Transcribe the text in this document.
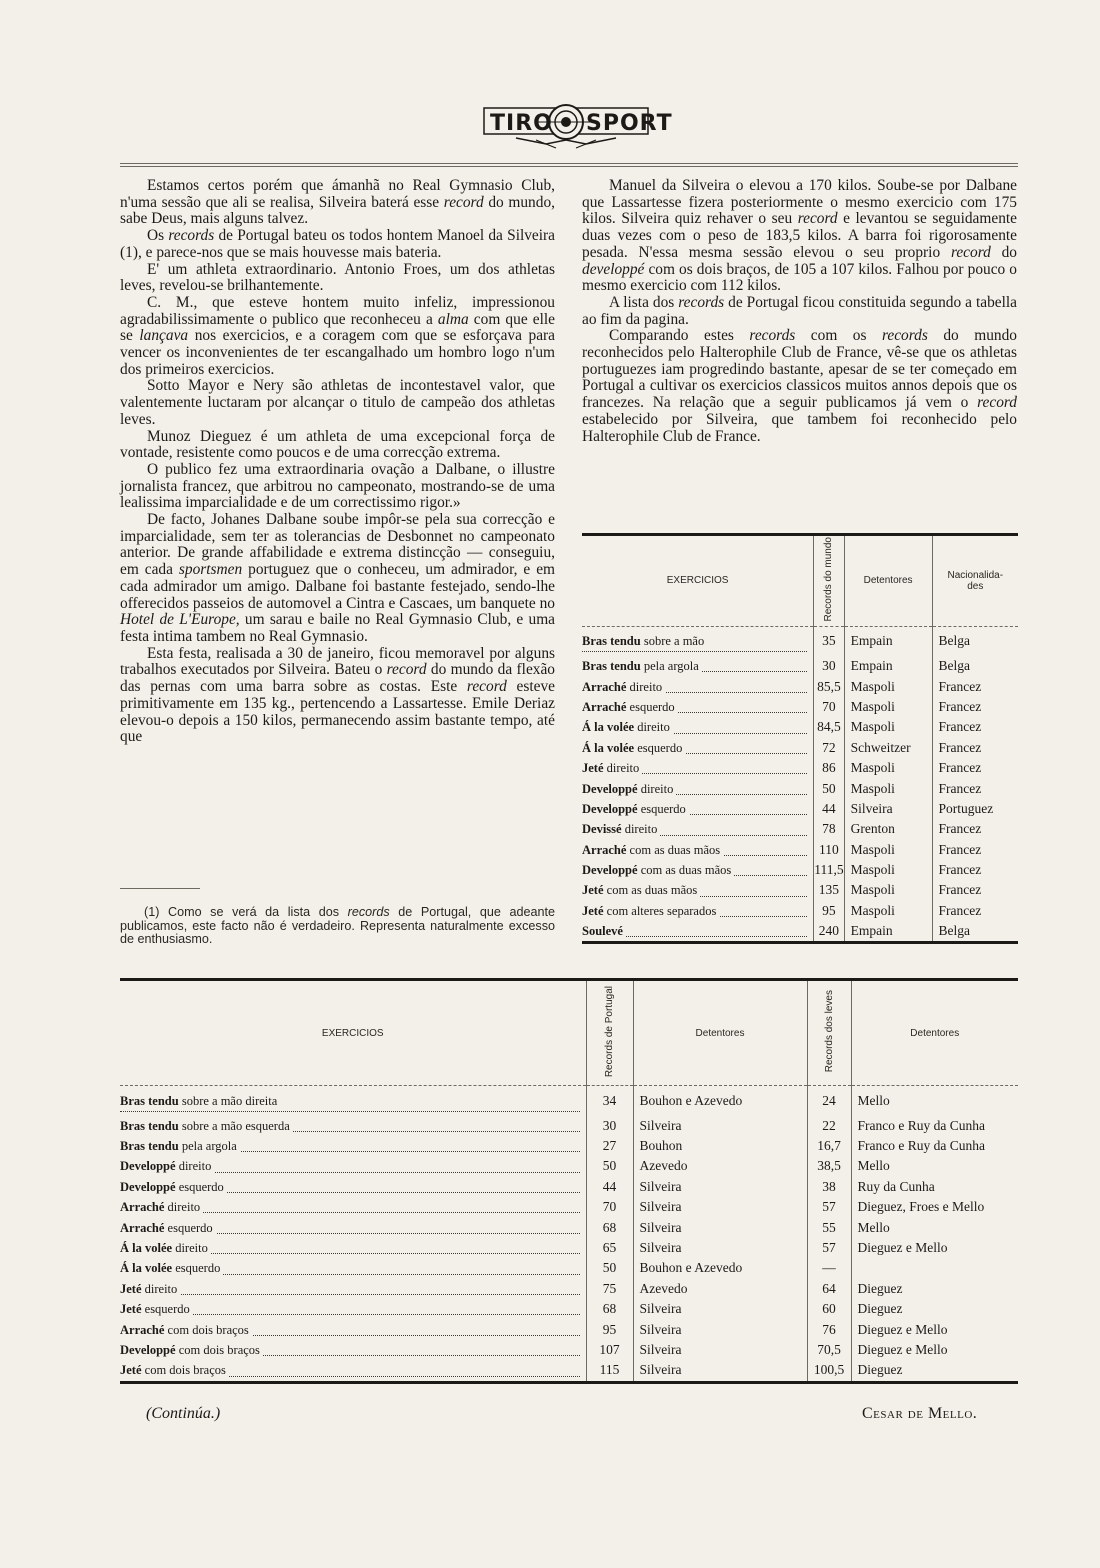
TIRO SPORT

Estamos certos porém que ámanhã no Real Gymnasio Club, n'uma sessão que ali se realisa, Silveira baterá esse record do mundo, sabe Deus, mais alguns talvez.

Os records de Portugal bateu os todos hontem Manoel da Silveira (1), e parece-nos que se mais houvesse mais bateria.

E' um athleta extraordinario. Antonio Froes, um dos athletas leves, revelou-se brilhantemente.

C. M., que esteve hontem muito infeliz, impressionou agradabilissimamente o publico que reconheceu a alma com que elle se lançava nos exercicios, e a coragem com que se esforçava para vencer os inconvenientes de ter escangalhado um hombro logo n'um dos primeiros exercicios.

Sotto Mayor e Nery são athletas de incontestavel valor, que valentemente luctaram por alcançar o titulo de campeão dos athletas leves.

Munoz Dieguez é um athleta de uma excepcional força de vontade, resistente como poucos e de uma correcção extrema.

O publico fez uma extraordinaria ovação a Dalbane, o illustre jornalista francez, que arbitrou no campeonato, mostrando-se de uma lealissima imparcialidade e de um correctissimo rigor.»

De facto, Johanes Dalbane soube impôr-se pela sua correcção e imparcialidade, sem ter as tolerancias de Desbonnet no campeonato anterior. De grande affabilidade e extrema distincção — conseguiu, em cada sportsmen portuguez que o conheceu, um admirador, e em cada admirador um amigo. Dalbane foi bastante festejado, sendo-lhe offerecidos passeios de automovel a Cintra e Cascaes, um banquete no Hotel de L'Europe, um sarau e baile no Real Gymnasio Club, e uma festa intima tambem no Real Gymnasio.

Esta festa, realisada a 30 de janeiro, ficou memoravel por alguns trabalhos executados por Silveira. Bateu o record do mundo da flexão das pernas com uma barra sobre as costas. Este record esteve primitivamente em 135 kg., pertencendo a Lassartesse. Emile Deriaz elevou-o depois a 150 kilos, permanecendo assim bastante tempo, até que

Manuel da Silveira o elevou a 170 kilos. Soube-se por Dalbane que Lassartesse fizera posteriormente o mesmo exercicio com 175 kilos. Silveira quiz rehaver o seu record e levantou se seguidamente duas vezes com o peso de 183,5 kilos. A barra foi rigorosamente pesada. N'essa mesma sessão elevou o seu proprio record do developpé com os dois braços, de 105 a 107 kilos. Falhou por pouco o mesmo exercicio com 112 kilos.

A lista dos records de Portugal ficou constituida segundo a tabella ao fim da pagina.

Comparando estes records com os records do mundo reconhecidos pelo Halterophile Club de France, vê-se que os athletas portuguezes iam progredindo bastante, apesar de se ter começado em Portugal a cultivar os exercicios classicos muitos annos depois que os francezes. Na relação que a seguir publicamos já vem o record estabelecido por Silveira, que tambem foi reconhecido pelo Halterophile Club de France.

(1) Como se verá da lista dos records de Portugal, que adeante publicamos, este facto não é verdadeiro. Representa naturalmente excesso de enthusiasmo.

EXERCICIOS	Records do mundo	Detentores	Nacionalida- des

Bras tendu sobre a mão	35	Empain	Belga

Bras tendu pela argola	30	Empain	Belga

Arraché direito	85,5	Maspoli	Francez

Arraché esquerdo	70	Maspoli	Francez

Á la volée direito	84,5	Maspoli	Francez

Á la volée esquerdo	72	Schweitzer	Francez

Jeté direito	86	Maspoli	Francez

Developpé direito	50	Maspoli	Francez

Developpé esquerdo	44	Silveira	Portuguez

Devissé direito	78	Grenton	Francez

Arraché com as duas mãos	110	Maspoli	Francez

Developpé com as duas mãos	111,5	Maspoli	Francez

Jeté com as duas mãos	135	Maspoli	Francez

Jeté com alteres separados	95	Maspoli	Francez

Soulevé	240	Empain	Belga
EXERCICIOS	Records de Portugal	Detentores	Records dos leves	Detentores

Bras tendu sobre a mão direita	34	Bouhon e Azevedo	24	Mello

Bras tendu sobre a mão esquerda	30	Silveira	22	Franco e Ruy da Cunha

Bras tendu pela argola	27	Bouhon	16,7	Franco e Ruy da Cunha

Developpé direito	50	Azevedo	38,5	Mello

Developpé esquerdo	44	Silveira	38	Ruy da Cunha

Arraché direito	70	Silveira	57	Dieguez, Froes e Mello

Arraché esquerdo	68	Silveira	55	Mello

Á la volée direito	65	Silveira	57	Dieguez e Mello

Á la volée esquerdo	50	Bouhon e Azevedo	—	

Jeté direito	75	Azevedo	64	Dieguez

Jeté esquerdo	68	Silveira	60	Dieguez

Arraché com dois braços	95	Silveira	76	Dieguez e Mello

Developpé com dois braços	107	Silveira	70,5	Dieguez e Mello

Jeté com dois braços	115	Silveira	100,5	Dieguez
(Continúa.)	Cesar de Mello.
